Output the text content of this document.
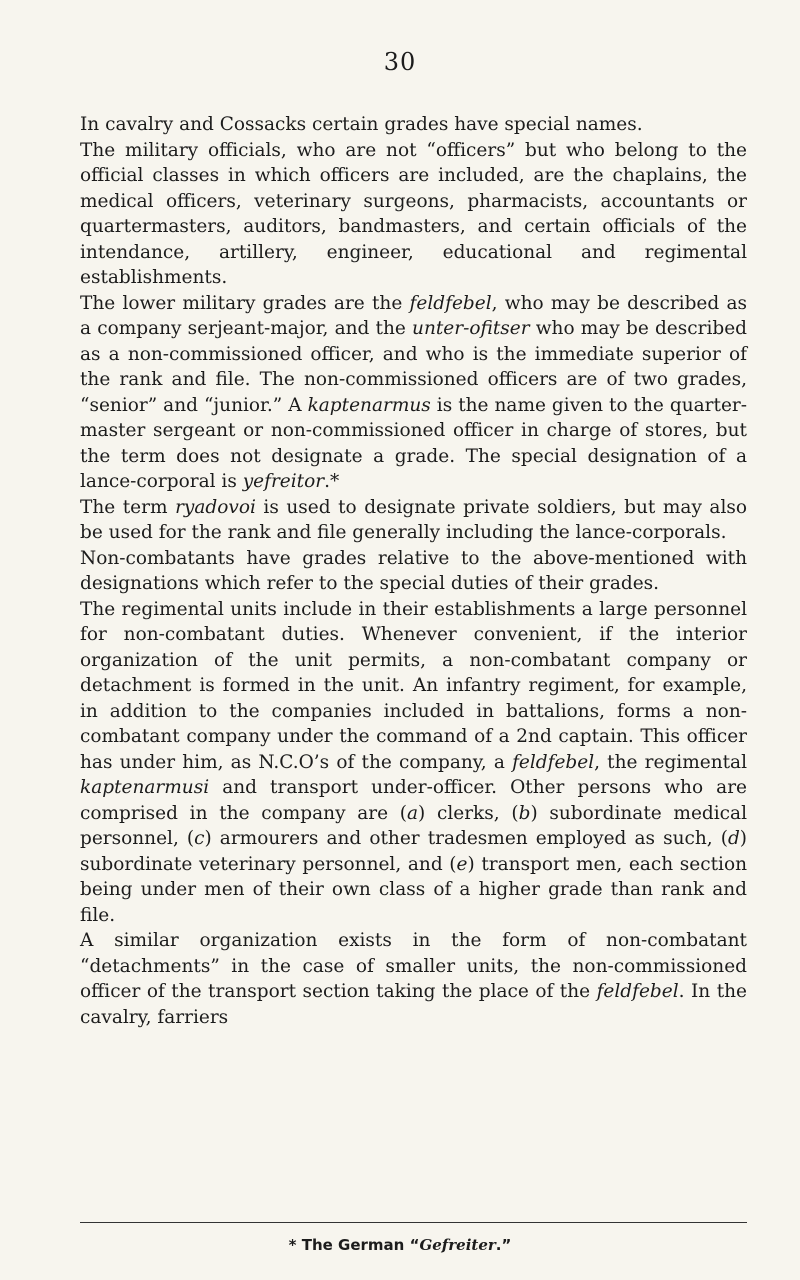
30

In cavalry and Cossacks certain grades have special names.

The military officials, who are not “officers” but who belong to the official classes in which officers are included, are the chaplains, the medical officers, veterinary surgeons, pharmacists, accountants or quartermasters, auditors, bandmasters, and certain officials of the intendance, artillery, engineer, educational and regimental establishments.

The lower military grades are the feldfebel, who may be described as a company serjeant-major, and the unter-ofitser who may be described as a non-commissioned officer, and who is the immediate superior of the rank and file. The non-commissioned officers are of two grades, “senior” and “junior.” A kaptenarmus is the name given to the quarter-master sergeant or non-commissioned officer in charge of stores, but the term does not designate a grade. The special designation of a lance-corporal is yefreitor.*

The term ryadovoi is used to designate private soldiers, but may also be used for the rank and file generally including the lance-corporals.

Non-combatants have grades relative to the above-mentioned with designations which refer to the special duties of their grades.

The regimental units include in their establishments a large personnel for non-combatant duties. Whenever convenient, if the interior organization of the unit permits, a non-combatant company or detachment is formed in the unit. An infantry regiment, for example, in addition to the companies included in battalions, forms a non-combatant company under the command of a 2nd captain. This officer has under him, as N.C.O’s of the company, a feldfebel, the regimental kaptenarmusi and transport under-officer. Other persons who are comprised in the company are (a) clerks, (b) subordinate medical personnel, (c) armourers and other tradesmen employed as such, (d) subordinate veterinary personnel, and (e) transport men, each section being under men of their own class of a higher grade than rank and file.

A similar organization exists in the form of non-combatant “detachments” in the case of smaller units, the non-commissioned officer of the transport section taking the place of the feldfebel. In the cavalry, farriers

* The German “Gefreiter.”
